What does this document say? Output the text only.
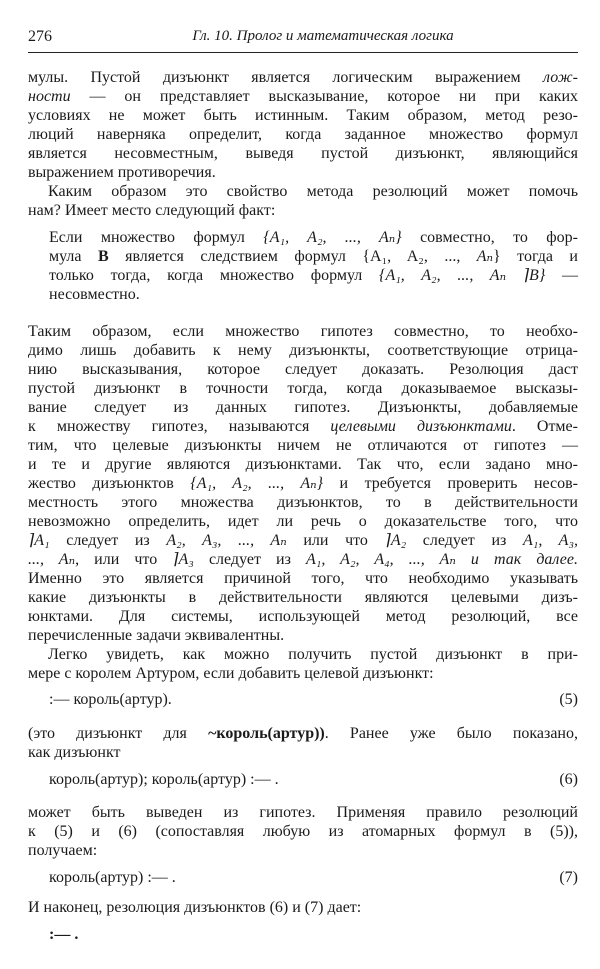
276	Гл. 10. Пролог и математическая логика
мулы. Пустой дизъюнкт является логическим выражением лож-
ности — он представляет высказывание, которое ни при каких
условиях не может быть истинным. Таким образом, метод резо-
люций наверняка определит, когда заданное множество формул
является несовместным, выведя пустой дизъюнкт, являющийся
выражением противоречия.
Каким образом это свойство метода резолюций может помочь
нам? Имеет место следующий факт:
Если множество формул {A₁, A₂, ..., Aₙ} совместно, то фор-
мула B является следствием формул {A₁, A₂, ..., Aₙ} тогда и
только тогда, когда множество формул {A₁, A₂, ..., Aₙ ⌉B} —
несовместно.
Таким образом, если множество гипотез совместно, то необхо-
димо лишь добавить к нему дизъюнкты, соответствующие отрица-
нию высказывания, которое следует доказать. Резолюция даст
пустой дизъюнкт в точности тогда, когда доказываемое высказы-
вание следует из данных гипотез. Дизъюнкты, добавляемые
к множеству гипотез, называются целевыми дизъюнктами. Отме-
тим, что целевые дизъюнкты ничем не отличаются от гипотез —
и те и другие являются дизъюнктами. Так что, если задано мно-
жество дизъюнктов {A₁, A₂, ..., Aₙ} и требуется проверить несов-
местность этого множества дизъюнктов, то в действительности
невозможно определить, идет ли речь о доказательстве того, что
⌉A₁ следует из A₂, A₃, ..., Aₙ или что ⌉A₂ следует из A₁, A₃,
..., Aₙ, или что ⌉A₃ следует из A₁, A₂, A₄, ..., Aₙ и так далее.
Именно это является причиной того, что необходимо указывать
какие дизъюнкты в действительности являются целевыми дизъ-
юнктами. Для системы, использующей метод резолюций, все
перечисленные задачи эквивалентны.
Легко увидеть, как можно получить пустой дизъюнкт в при-
мере с королем Артуром, если добавить целевой дизъюнкт:
:— король(артур).	(5)
(это дизъюнкт для ~король(артур)). Ранее уже было показано,
как дизъюнкт
король(артур); король(артур) :— .	(6)
может быть выведен из гипотез. Применяя правило резолюций
к (5) и (6) (сопоставляя любую из атомарных формул в (5)),
получаем:
король(артур) :— .	(7)
И наконец, резолюция дизъюнктов (6) и (7) дает:
:— .
